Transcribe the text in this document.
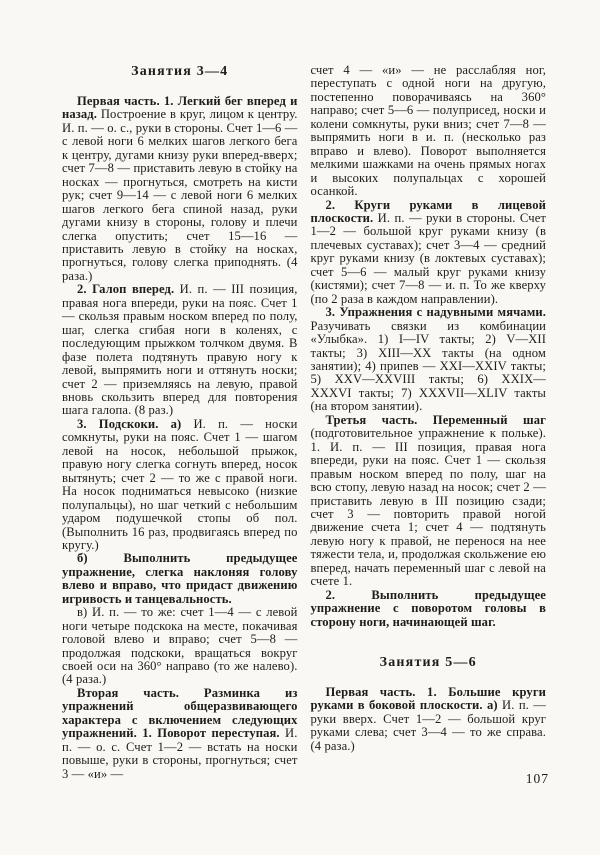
Занятия 3—4

Первая часть. 1. Легкий бег вперед и назад. Построение в круг, лицом к центру. И. п. — о. с., руки в стороны. Счет 1—6 — с левой ноги 6 мелких шагов легкого бега к центру, дугами книзу руки вперед-вверх; счет 7—8 — приставить левую в стойку на носках — прогнуться, смотреть на кисти рук; счет 9—14 — с левой ноги 6 мелких шагов легкого бега спиной назад, руки дугами книзу в стороны, голову и плечи слегка опустить; счет 15—16 — приставить левую в стойку на носках, прогнуться, голову слегка приподнять. (4 раза.)

2. Галоп вперед. И. п. — III позиция, правая нога впереди, руки на пояс. Счет 1 — скользя правым носком вперед по полу, шаг, слегка сгибая ноги в коленях, с последующим прыжком толчком двумя. В фазе полета подтянуть правую ногу к левой, выпрямить ноги и оттянуть носки; счет 2 — приземляясь на левую, правой вновь скользить вперед для повторения шага галопа. (8 раз.)

3. Подскоки. а) И. п. — носки сомкнуты, руки на пояс. Счет 1 — шагом левой на носок, небольшой прыжок, правую ногу слегка согнуть вперед, носок вытянуть; счет 2 — то же с правой ноги. На носок подниматься невысоко (низкие полупальцы), но шаг четкий с небольшим ударом подушечкой стопы об пол. (Выполнить 16 раз, продвигаясь вперед по кругу.)

б) Выполнить предыдущее упражнение, слегка наклоняя голову влево и вправо, что придаст движению игривость и танцевальность.

в) И. п. — то же: счет 1—4 — с левой ноги четыре подскока на месте, покачивая головой влево и вправо; счет 5—8 — продолжая подскоки, вращаться вокруг своей оси на 360° направо (то же налево). (4 раза.)

Вторая часть. Разминка из упражнений общеразвивающего характера с включением следующих упражнений. 1. Поворот переступая. И. п. — о. с. Счет 1—2 — встать на носки повыше, руки в стороны, прогнуться; счет 3 — «и» —

счет 4 — «и» — не расслабляя ног, переступать с одной ноги на другую, постепенно поворачиваясь на 360° направо; счет 5—6 — полуприсед, носки и колени сомкнуты, руки вниз; счет 7—8 — выпрямить ноги в и. п. (несколько раз вправо и влево). Поворот выполняется мелкими шажками на очень прямых ногах и высоких полупальцах с хорошей осанкой.

2. Круги руками в лицевой плоскости. И. п. — руки в стороны. Счет 1—2 — большой круг руками книзу (в плечевых суставах); счет 3—4 — средний круг руками книзу (в локтевых суставах); счет 5—6 — малый круг руками книзу (кистями); счет 7—8 — и. п. То же кверху (по 2 раза в каждом направлении).

3. Упражнения с надувными мячами. Разучивать связки из комбинации «Улыбка». 1) I—IV такты; 2) V—XII такты; 3) XIII—XX такты (на одном занятии); 4) припев — XXI—XXIV такты; 5) XXV—XXVIII такты; 6) XXIX—XXXVI такты; 7) XXXVII—XLIV такты (на втором занятии).

Третья часть. Переменный шаг (подготовительное упражнение к польке). 1. И. п. — III позиция, правая нога впереди, руки на пояс. Счет 1 — скользя правым носком вперед по полу, шаг на всю стопу, левую назад на носок; счет 2 — приставить левую в III позицию сзади; счет 3 — повторить правой ногой движение счета 1; счет 4 — подтянуть левую ногу к правой, не перенося на нее тяжести тела, и, продолжая скольжение ею вперед, начать переменный шаг с левой на счете 1.

2. Выполнить предыдущее упражнение с поворотом головы в сторону ноги, начинающей шаг.

Занятия 5—6

Первая часть. 1. Большие круги руками в боковой плоскости. а) И. п. — руки вверх. Счет 1—2 — большой круг руками слева; счет 3—4 — то же справа. (4 раза.)

107
